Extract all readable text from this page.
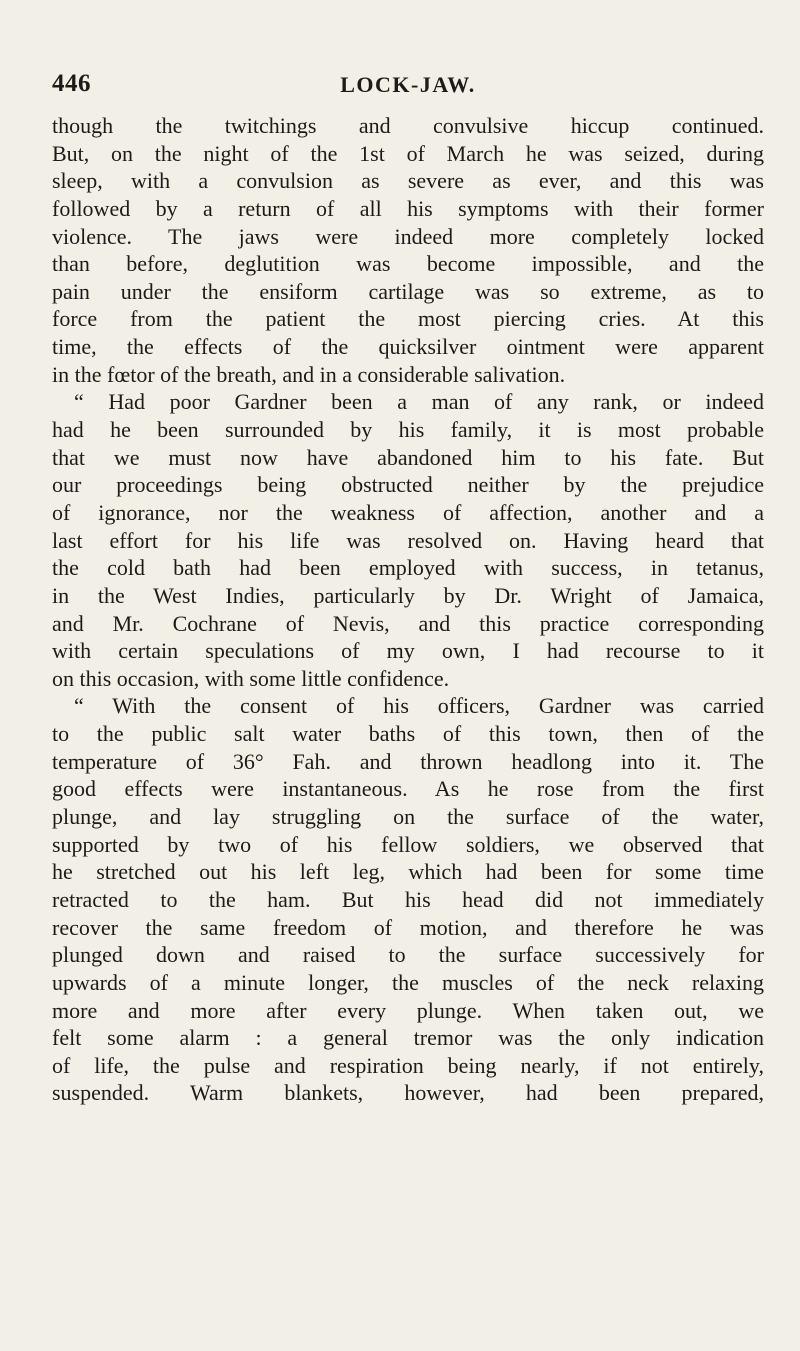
446	LOCK-JAW.
though the twitchings and convulsive hiccup continued.
But, on the night of the 1st of March he was seized, during
sleep, with a convulsion as severe as ever, and this was
followed by a return of all his symptoms with their former
violence. The jaws were indeed more completely locked
than before, deglutition was become impossible, and the
pain under the ensiform cartilage was so extreme, as to
force from the patient the most piercing cries. At this
time, the effects of the quicksilver ointment were apparent
in the fœtor of the breath, and in a considerable salivation.
“ Had poor Gardner been a man of any rank, or indeed
had he been surrounded by his family, it is most probable
that we must now have abandoned him to his fate. But
our proceedings being obstructed neither by the prejudice
of ignorance, nor the weakness of affection, another and a
last effort for his life was resolved on. Having heard that
the cold bath had been employed with success, in tetanus,
in the West Indies, particularly by Dr. Wright of Jamaica,
and Mr. Cochrane of Nevis, and this practice corresponding
with certain speculations of my own, I had recourse to it
on this occasion, with some little confidence.
“ With the consent of his officers, Gardner was carried
to the public salt water baths of this town, then of the
temperature of 36° Fah. and thrown headlong into it. The
good effects were instantaneous. As he rose from the first
plunge, and lay struggling on the surface of the water,
supported by two of his fellow soldiers, we observed that
he stretched out his left leg, which had been for some time
retracted to the ham. But his head did not immediately
recover the same freedom of motion, and therefore he was
plunged down and raised to the surface successively for
upwards of a minute longer, the muscles of the neck relaxing
more and more after every plunge. When taken out, we
felt some alarm : a general tremor was the only indication
of life, the pulse and respiration being nearly, if not entirely,
suspended. Warm blankets, however, had been prepared,
